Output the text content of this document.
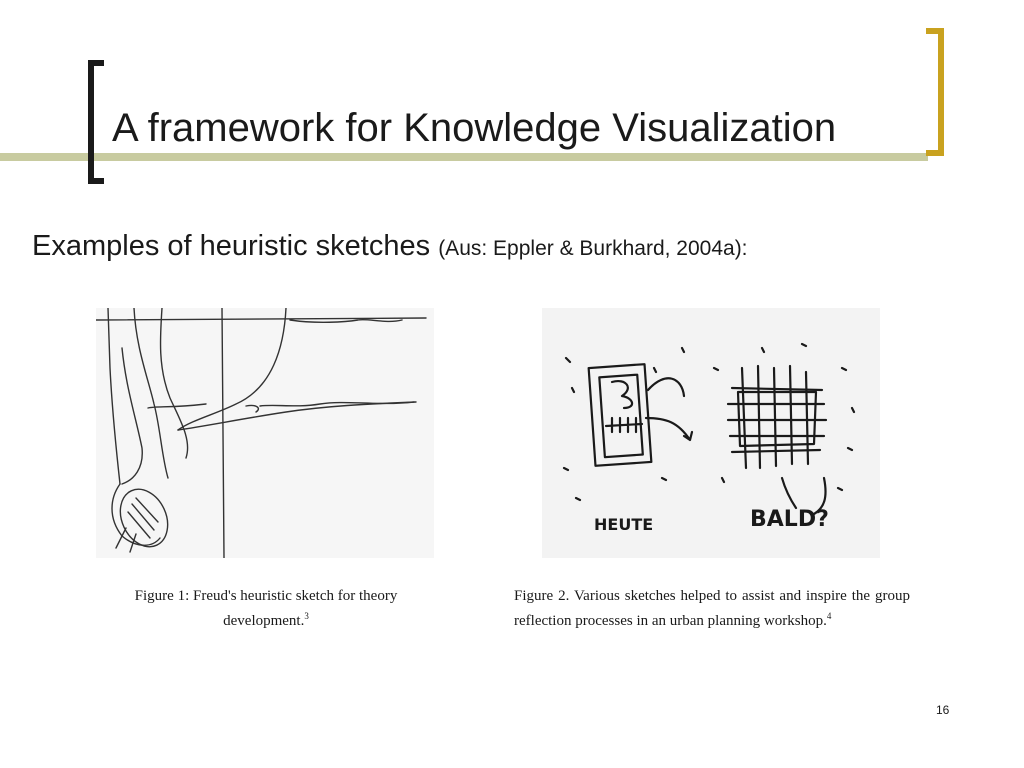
A framework for Knowledge Visualization
Examples of heuristic sketches (Aus: Eppler & Burkhard, 2004a):
Figure 1: Freud's heuristic sketch for theory development.$^3$
HEUTE	BALD?
Figure 2. Various sketches helped to assist and inspire the group reflection processes in an urban planning workshop.$^4$
16
